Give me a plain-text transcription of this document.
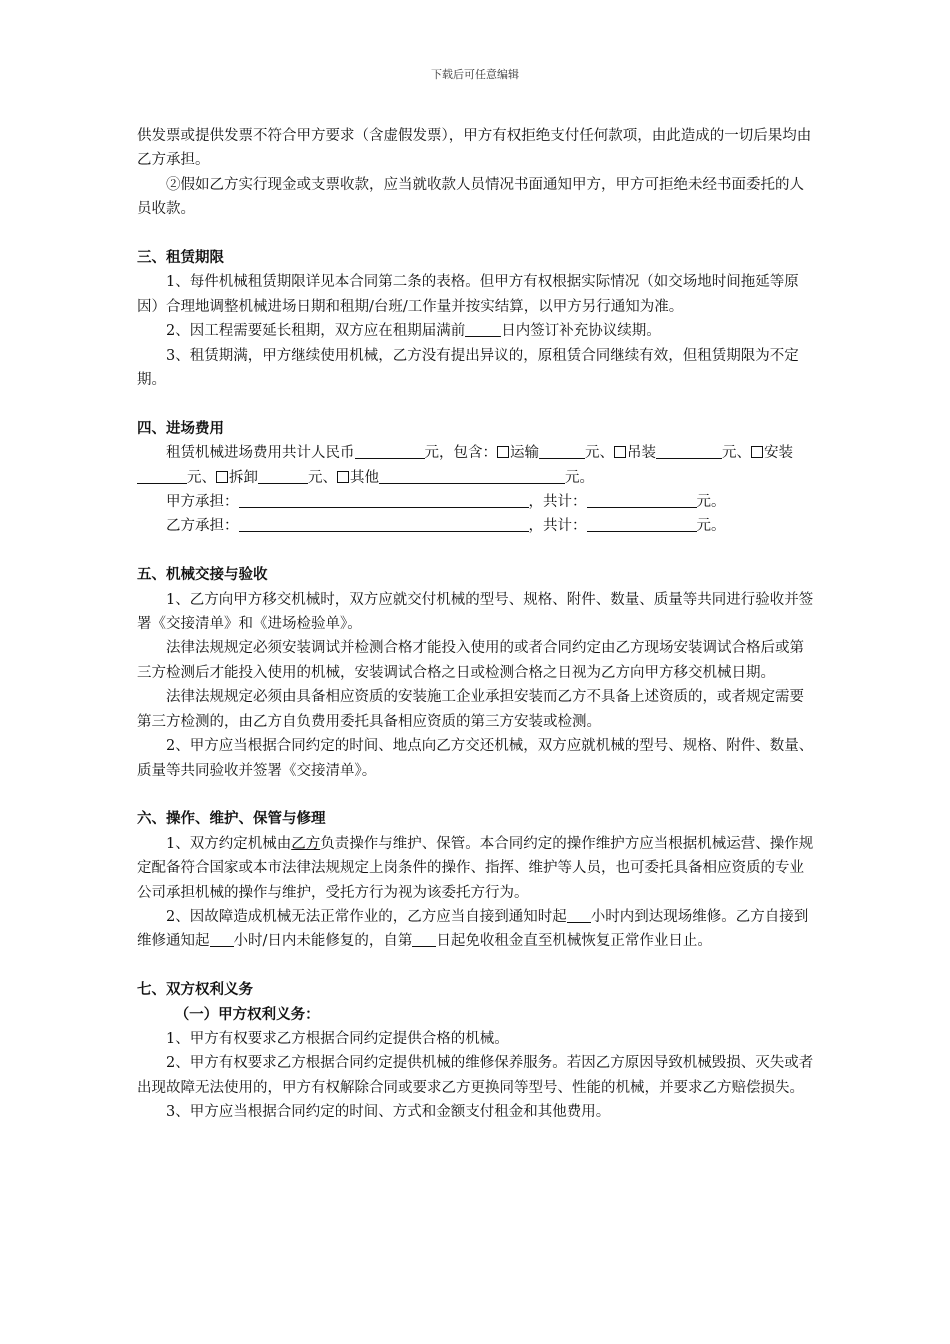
下载后可任意编辑

供发票或提供发票不符合甲方要求（含虚假发票），甲方有权拒绝支付任何款项，由此造成的一切后果均由乙方承担。

②假如乙方实行现金或支票收款，应当就收款人员情况书面通知甲方，甲方可拒绝未经书面委托的人员收款。

三、租赁期限

1、每件机械租赁期限详见本合同第二条的表格。但甲方有权根据实际情况（如交场地时间拖延等原因）合理地调整机械进场日期和租期/台班/工作量并按实结算，以甲方另行通知为准。

2、因工程需要延长租期，双方应在租期届满前 日内签订补充协议续期。

3、租赁期满，甲方继续使用机械，乙方没有提出异议的，原租赁合同继续有效，但租赁期限为不定期。

四、进场费用

租赁机械进场费用共计人民币	元，包含： 运输	元、 吊装	元、 安装元、 拆卸	元、 其他	元。

甲方承担：	，共计：	元。

乙方承担：	，共计：	元。

五、机械交接与验收

1、乙方向甲方移交机械时，双方应就交付机械的型号、规格、附件、数量、质量等共同进行验收并签署《交接清单》和《进场检验单》。

法律法规规定必须安装调试并检测合格才能投入使用的或者合同约定由乙方现场安装调试合格后或第三方检测后才能投入使用的机械，安装调试合格之日或检测合格之日视为乙方向甲方移交机械日期。

法律法规规定必须由具备相应资质的安装施工企业承担安装而乙方不具备上述资质的，或者规定需要第三方检测的，由乙方自负费用委托具备相应资质的第三方安装或检测。

2、甲方应当根据合同约定的时间、地点向乙方交还机械，双方应就机械的型号、规格、附件、数量、质量等共同验收并签署《交接清单》。

六、操作、维护、保管与修理

1、双方约定机械由乙方负责操作与维护、保管。本合同约定的操作维护方应当根据机械运营、操作规定配备符合国家或本市法律法规规定上岗条件的操作、指挥、维护等人员，也可委托具备相应资质的专业公司承担机械的操作与维护，受托方行为视为该委托方行为。

2、因故障造成机械无法正常作业的，乙方应当自接到通知时起 小时内到达现场维修。乙方自接到维修通知起 小时/日内未能修复的，自第 日起免收租金直至机械恢复正常作业日止。

七、双方权利义务

（一）甲方权利义务：

1、甲方有权要求乙方根据合同约定提供合格的机械。

2、甲方有权要求乙方根据合同约定提供机械的维修保养服务。若因乙方原因导致机械毁损、灭失或者出现故障无法使用的，甲方有权解除合同或要求乙方更换同等型号、性能的机械，并要求乙方赔偿损失。

3、甲方应当根据合同约定的时间、方式和金额支付租金和其他费用。
